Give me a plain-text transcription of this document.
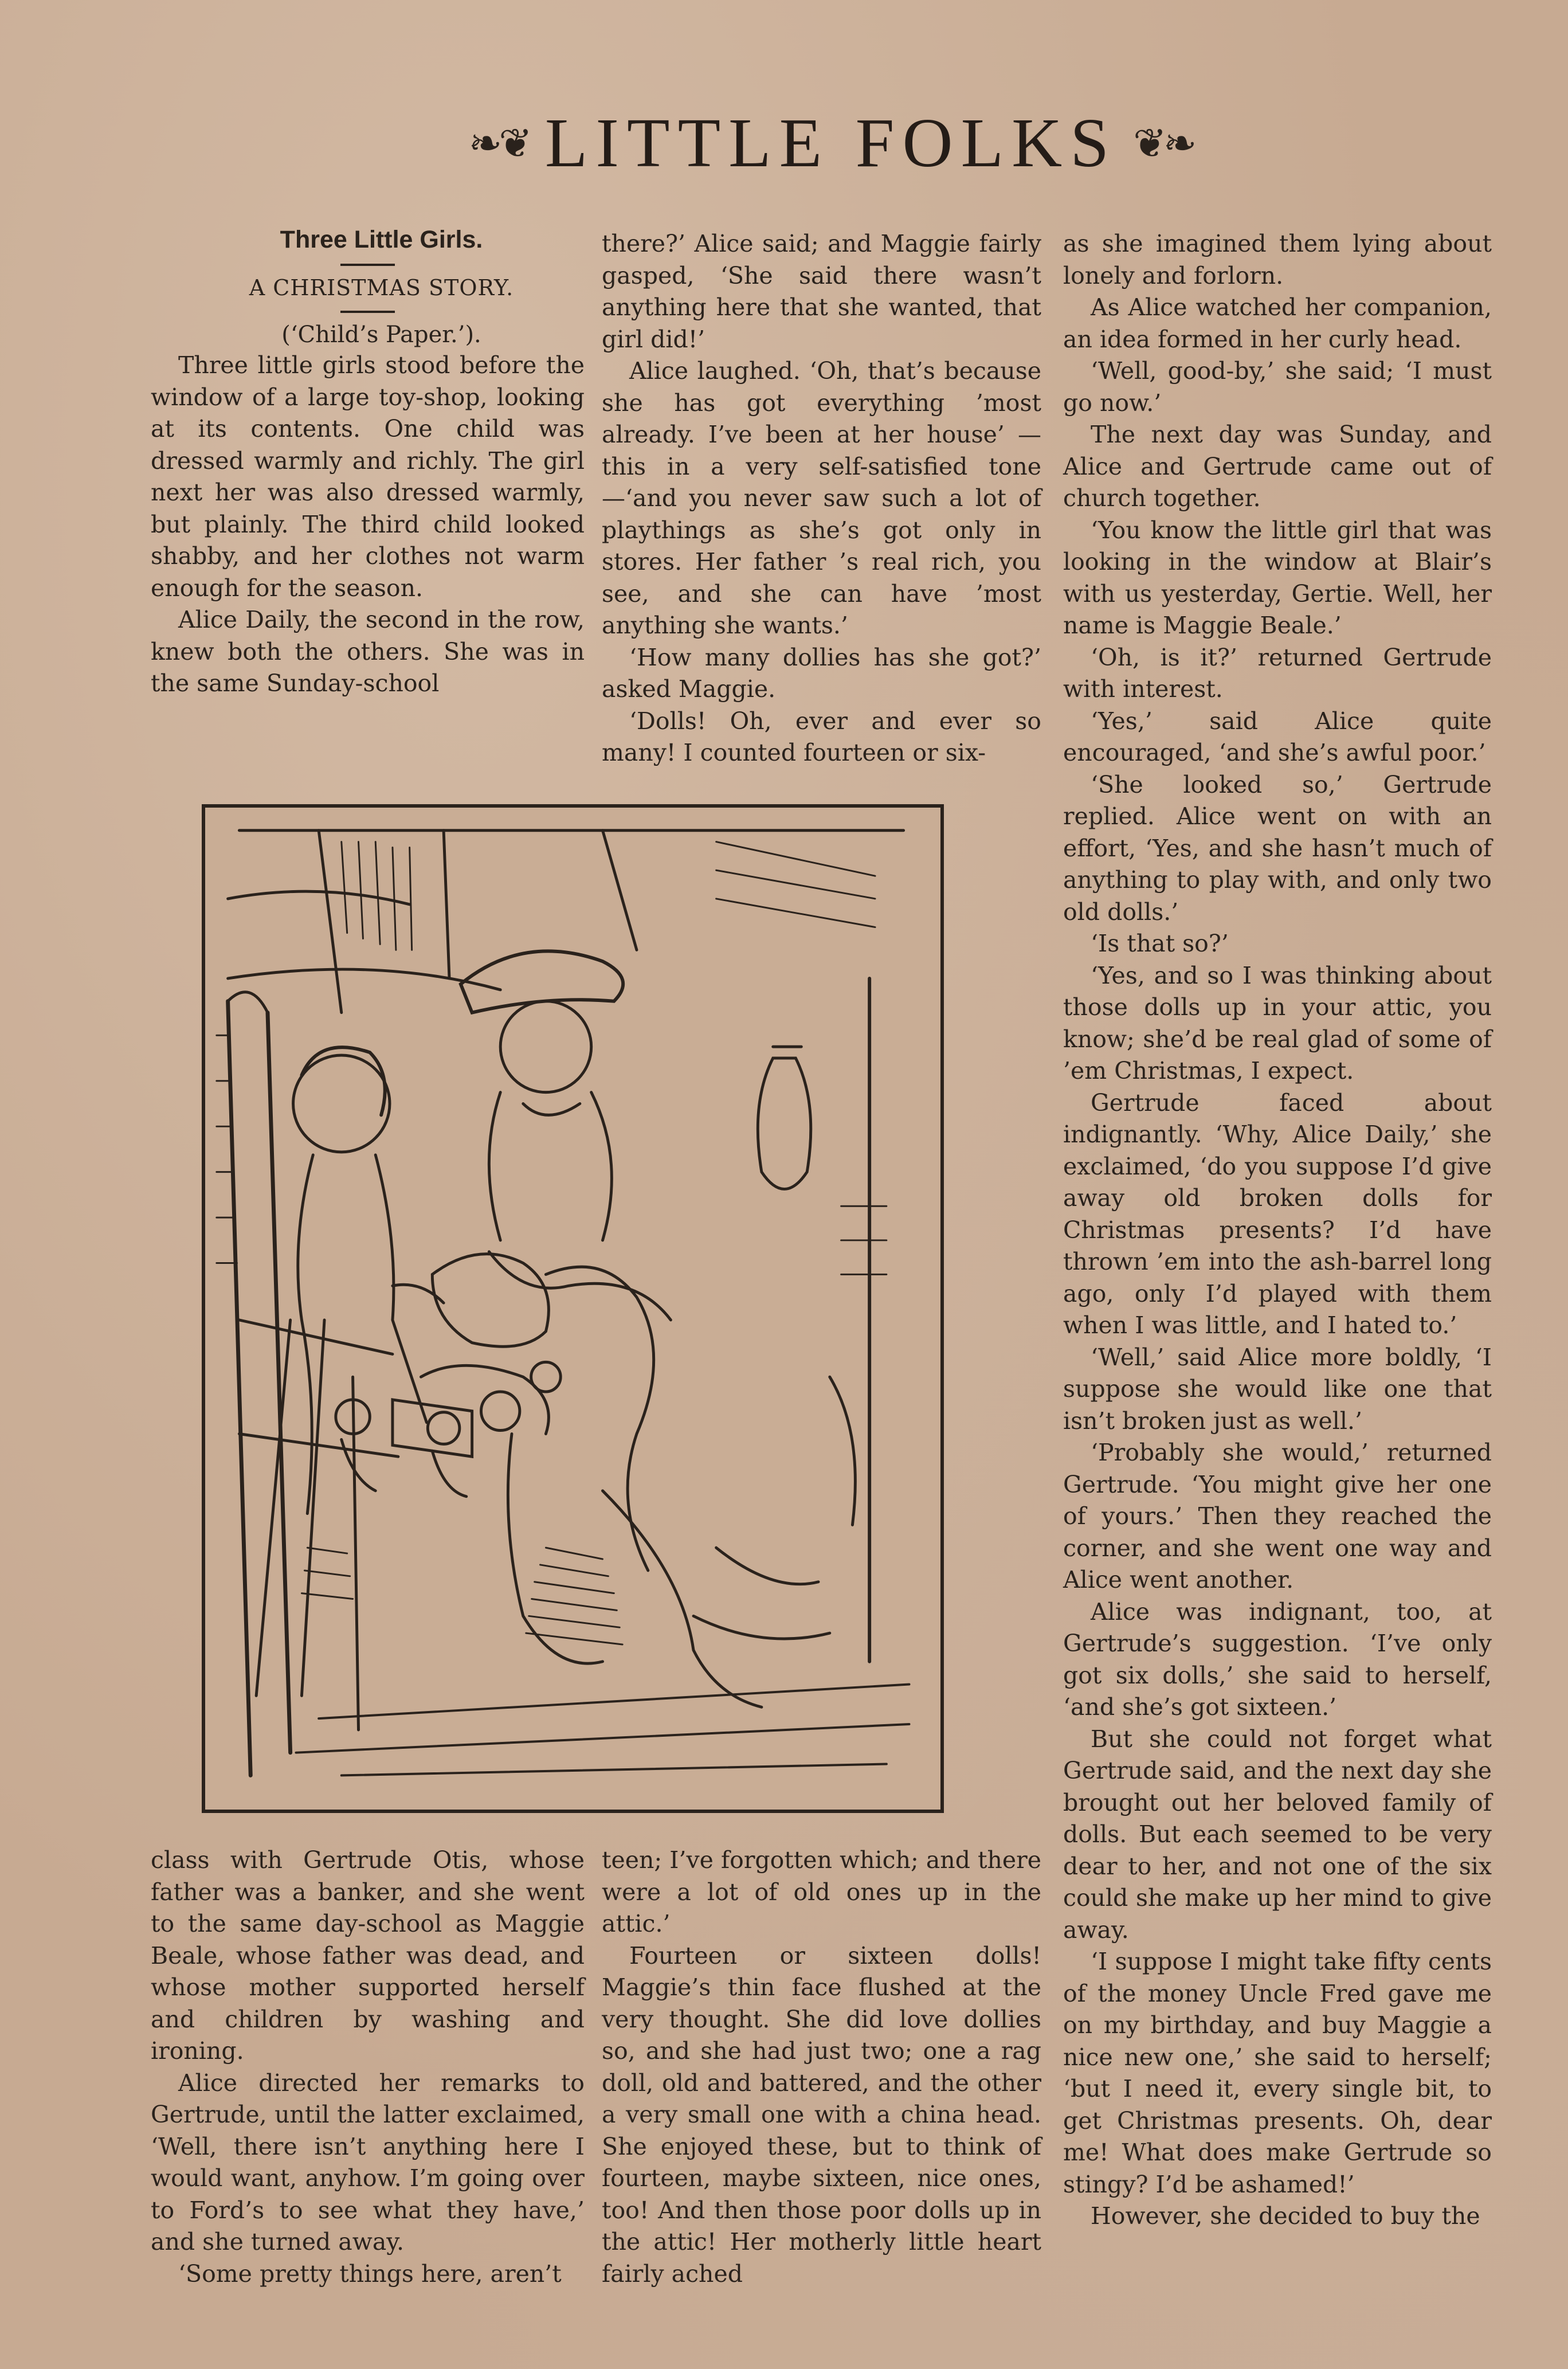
❧❦ LITTLE FOLKS ❦❧

Three Little Girls.

A CHRISTMAS STORY.

(‘Child’s Paper.’).

Three little girls stood before the window of a large toy-shop, looking at its contents. One child was dressed warmly and richly. The girl next her was also dressed warmly, but plainly. The third child looked shabby, and her clothes not warm enough for the season.

Alice Daily, the second in the row, knew both the others. She was in the same Sunday-school

there?’ Alice said; and Maggie fairly gasped, ‘She said there wasn’t anything here that she wanted, that girl did!’

Alice laughed. ‘Oh, that’s because she has got everything ’most already. I’ve been at her house’ —this in a very self-satisfied tone —‘and you never saw such a lot of playthings as she’s got only in stores. Her father ’s real rich, you see, and she can have ’most anything she wants.’

‘How many dollies has she got?’ asked Maggie.

‘Dolls! Oh, ever and ever so many! I counted fourteen or six-

as she imagined them lying about lonely and forlorn.

As Alice watched her companion, an idea formed in her curly head.

‘Well, good-by,’ she said; ‘I must go now.’

The next day was Sunday, and Alice and Gertrude came out of church together.

‘You know the little girl that was looking in the window at Blair’s with us yesterday, Gertie. Well, her name is Maggie Beale.’

‘Oh, is it?’ returned Gertrude with interest.

‘Yes,’ said Alice quite encouraged, ‘and she’s awful poor.’

‘She looked so,’ Gertrude replied. Alice went on with an effort, ‘Yes, and she hasn’t much of anything to play with, and only two old dolls.’

‘Is that so?’

‘Yes, and so I was thinking about those dolls up in your attic, you know; she’d be real glad of some of ’em Christmas, I expect.

Gertrude faced about indignantly. ‘Why, Alice Daily,’ she exclaimed, ‘do you suppose I’d give away old broken dolls for Christmas presents? I’d have thrown ’em into the ash-barrel long ago, only I’d played with them when I was little, and I hated to.’

‘Well,’ said Alice more boldly, ‘I suppose she would like one that isn’t broken just as well.’

‘Probably she would,’ returned Gertrude. ‘You might give her one of yours.’ Then they reached the corner, and she went one way and Alice went another.

Alice was indignant, too, at Gertrude’s suggestion. ‘I’ve only got six dolls,’ she said to herself, ‘and she’s got sixteen.’

But she could not forget what Gertrude said, and the next day she brought out her beloved family of dolls. But each seemed to be very dear to her, and not one of the six could she make up her mind to give away.

‘I suppose I might take fifty cents of the money Uncle Fred gave me on my birthday, and buy Maggie a nice new one,’ she said to herself; ‘but I need it, every single bit, to get Christmas presents. Oh, dear me! What does make Gertrude so stingy? I’d be ashamed!’

However, she decided to buy the

class with Gertrude Otis, whose father was a banker, and she went to the same day-school as Maggie Beale, whose father was dead, and whose mother supported herself and children by washing and ironing.

Alice directed her remarks to Gertrude, until the latter exclaimed, ‘Well, there isn’t anything here I would want, anyhow. I’m going over to Ford’s to see what they have,’ and she turned away.

‘Some pretty things here, aren’t

teen; I’ve forgotten which; and there were a lot of old ones up in the attic.’

Fourteen or sixteen dolls! Maggie’s thin face flushed at the very thought. She did love dollies so, and she had just two; one a rag doll, old and battered, and the other a very small one with a china head. She enjoyed these, but to think of fourteen, maybe sixteen, nice ones, too! And then those poor dolls up in the attic! Her motherly little heart fairly ached
